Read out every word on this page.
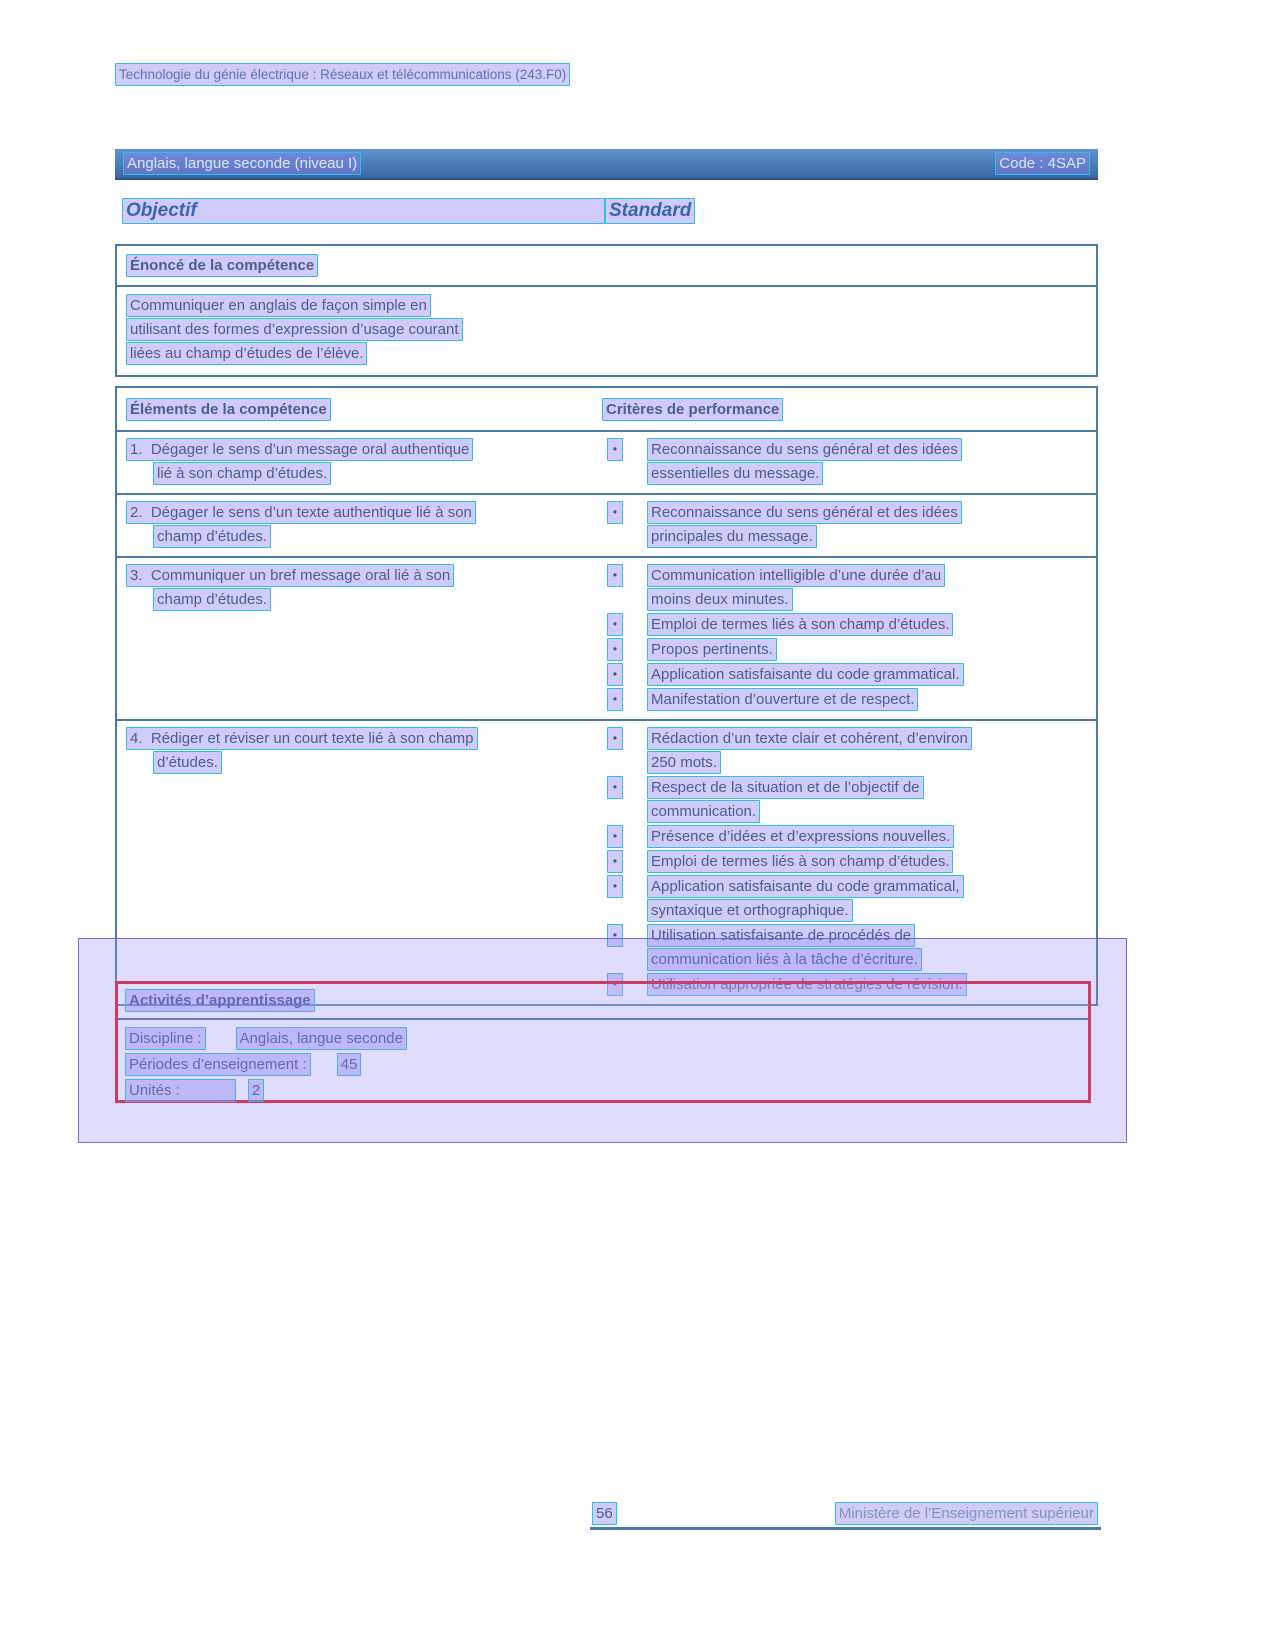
Technologie du génie électrique : Réseaux et télécommunications (243.F0)
Anglais, langue seconde (niveau I)	Code : 4SAP
Objectif	Standard
Énoncé de la compétence
Communiquer en anglais de façon simple en
utilisant des formes d’expression d’usage courant
liées au champ d’études de l’élève.
Éléments de la compétence	Critères de performance
1.  Dégager le sens d’un message oral authentique
lié à son champ d’études.
•	Reconnaissance du sens général et des idées
essentielles du message.
2.  Dégager le sens d’un texte authentique lié à son
champ d’études.
•	Reconnaissance du sens général et des idées
principales du message.
3.  Communiquer un bref message oral lié à son
champ d’études.
•	Communication intelligible d’une durée d’au
moins deux minutes.
•	Emploi de termes liés à son champ d’études.
•	Propos pertinents.
•	Application satisfaisante du code grammatical.
•	Manifestation d’ouverture et de respect.
4.  Rédiger et réviser un court texte lié à son champ
d’études.
•	Rédaction d’un texte clair et cohérent, d’environ
250 mots.
•	Respect de la situation et de l’objectif de
communication.
•	Présence d’idées et d’expressions nouvelles.
•	Emploi de termes liés à son champ d’études.
•	Application satisfaisante du code grammatical,
syntaxique et orthographique.
•	Utilisation satisfaisante de procédés de
communication liés à la tâche d’écriture.
•	Utilisation appropriée de stratégies de révision.
Activités d’apprentissage
Discipline :	Anglais, langue seconde
Périodes d’enseignement : 45
Unités :	2
56	Ministère de l’Enseignement supérieur
